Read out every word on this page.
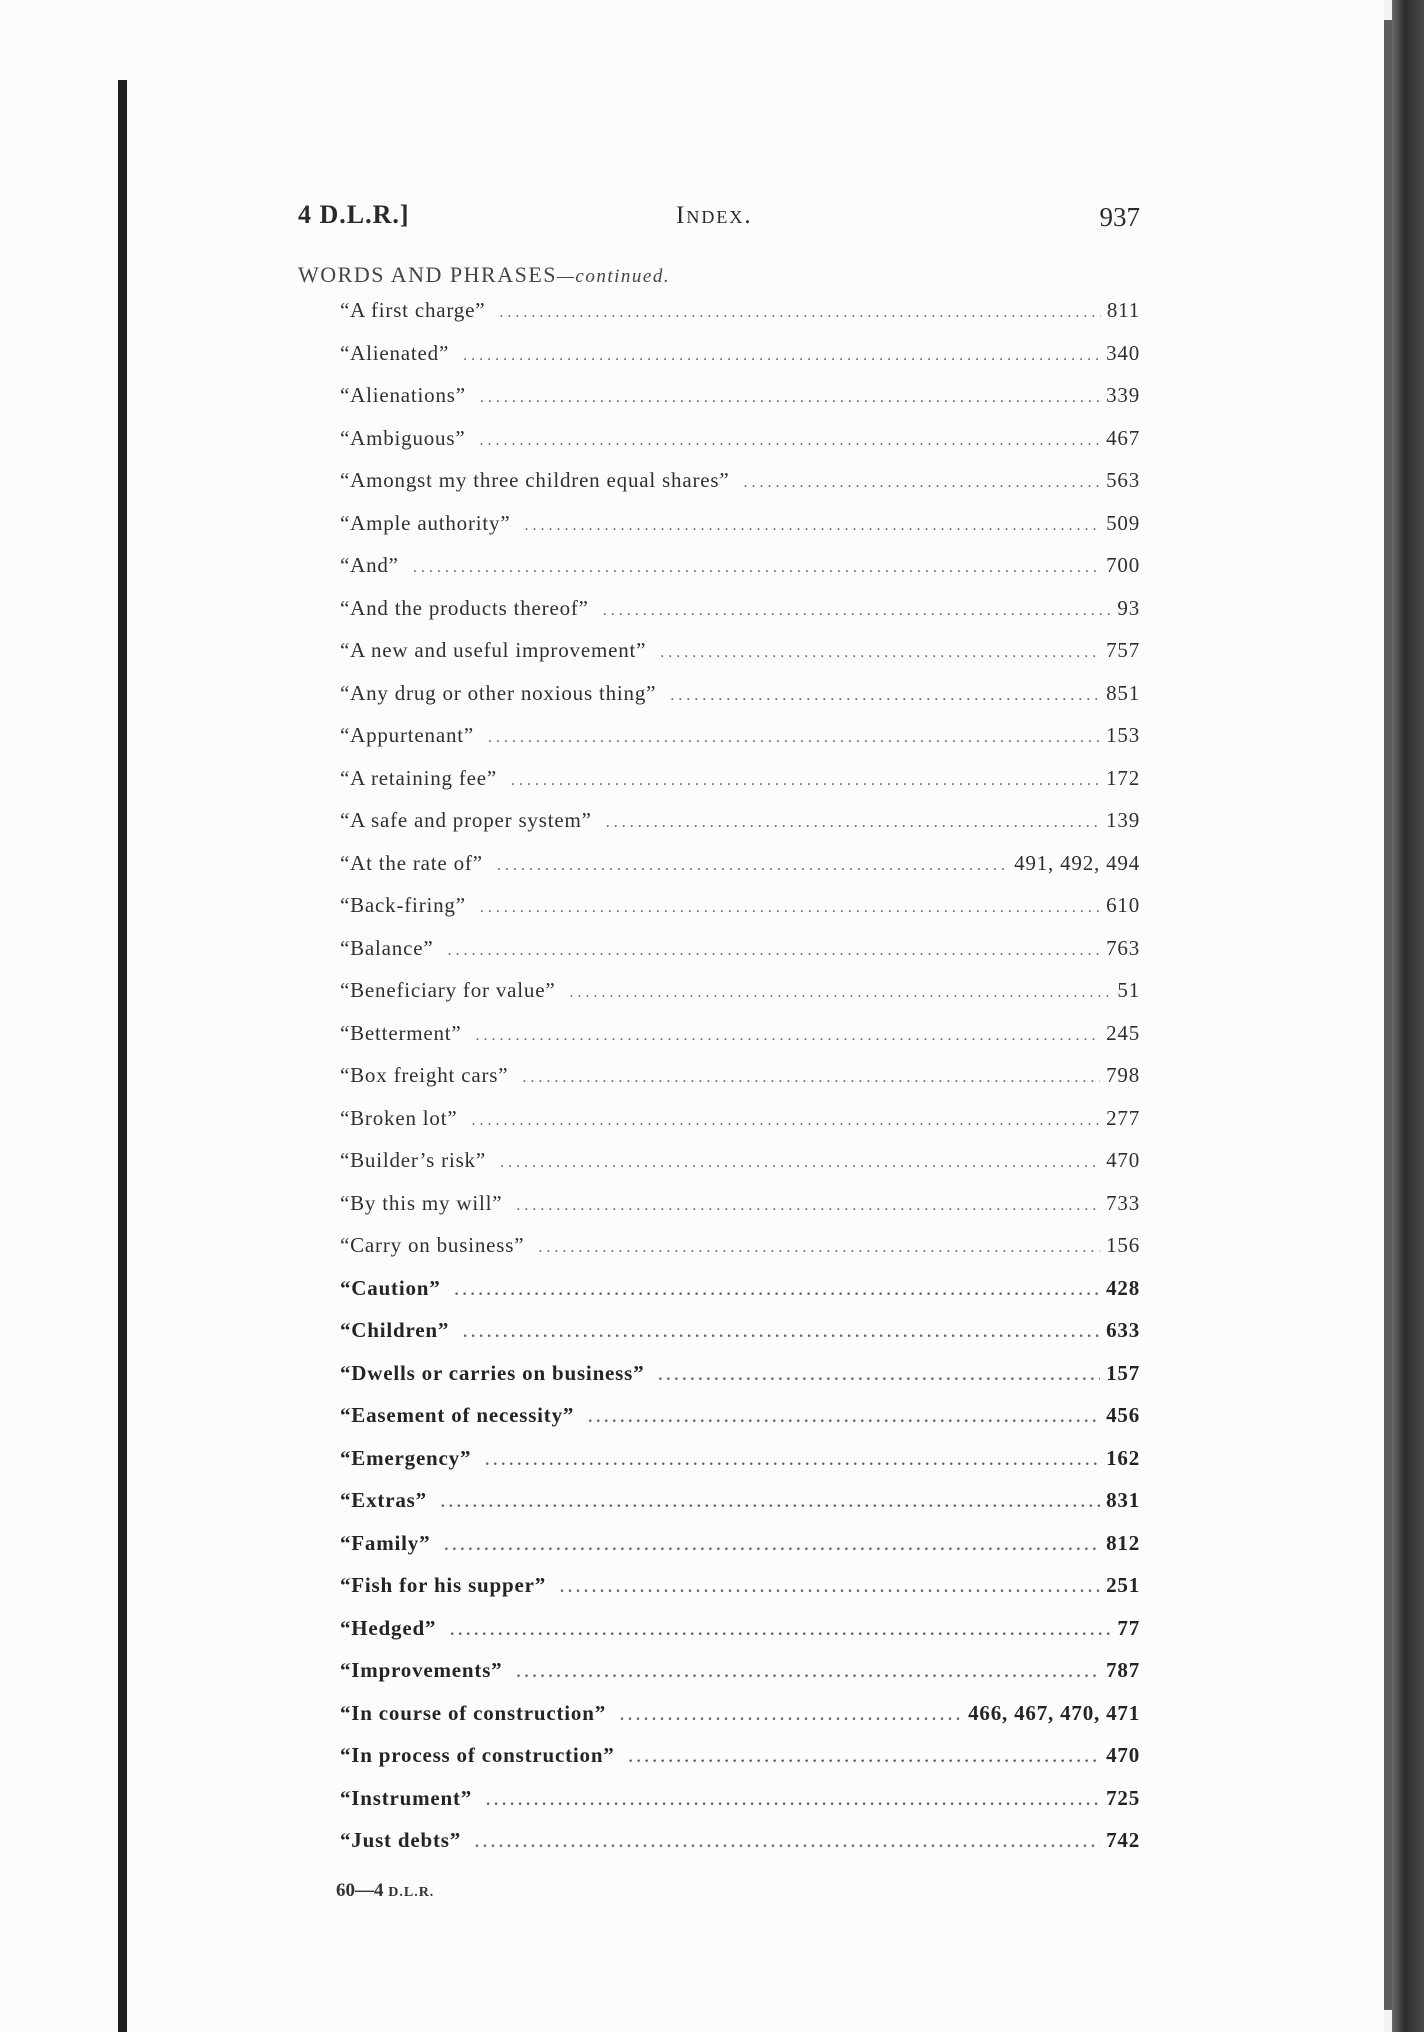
4 D.L.R.]	Index.	937
WORDS AND PHRASES—continued.
“A first charge” .....	811
“Alienated” .....	340
“Alienations” .....	339
“Ambiguous” .....	467
“Amongst my three children equal shares” .....	563
“Ample authority” .....	509
“And” .....	700
“And the products thereof” .....	93
“A new and useful improvement” .....	757
“Any drug or other noxious thing” .....	851
“Appurtenant” .....	153
“A retaining fee” .....	172
“A safe and proper system” .....	139
“At the rate of” .....	491, 492, 494
“Back-firing” .....	610
“Balance” .....	763
“Beneficiary for value” .....	51
“Betterment” .....	245
“Box freight cars” .....	798
“Broken lot” .....	277
“Builder’s risk” .....	470
“By this my will” .....	733
“Carry on business” .....	156
“Caution” .....	428
“Children” .....	633
“Dwells or carries on business” .....	157
“Easement of necessity” .....	456
“Emergency” .....	162
“Extras” .....	831
“Family” .....	812
“Fish for his supper” .....	251
“Hedged” .....	77
“Improvements” .....	787
“In course of construction” .....	466, 467, 470, 471
“In process of construction” .....	470
“Instrument” .....	725
“Just debts” .....	742
60—4 D.L.R.
